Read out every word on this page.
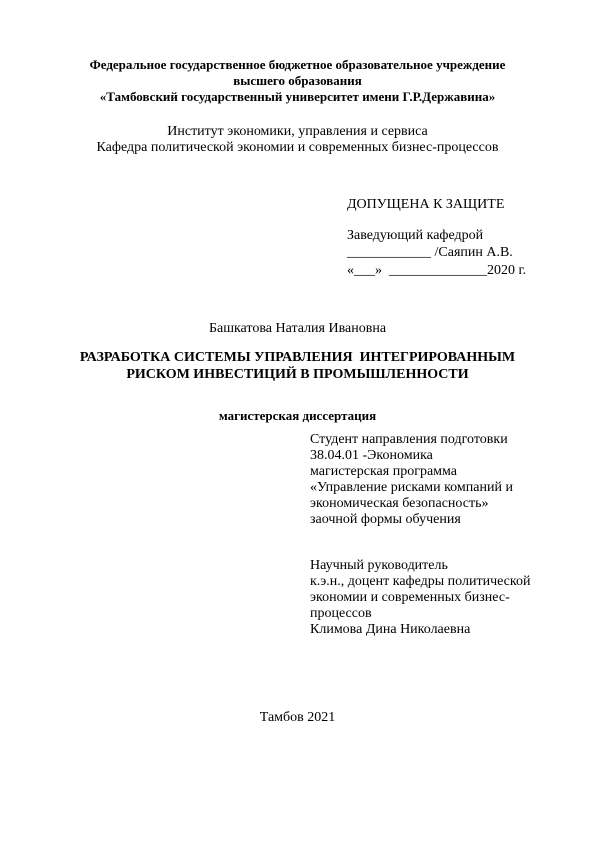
Федеральное государственное бюджетное образовательное учреждение

высшего образования

«Тамбовский государственный университет имени Г.Р.Державина»

Институт экономики, управления и сервиса

Кафедра политической экономии и современных бизнес-процессов

ДОПУЩЕНА К ЗАЩИТЕ

Заведующий кафедрой

____________ /Саяпин А.В.

«___»  ______________2020 г.

Башкатова Наталия Ивановна

РАЗРАБОТКА СИСТЕМЫ УПРАВЛЕНИЯ  ИНТЕГРИРОВАННЫМ

РИСКОМ ИНВЕСТИЦИЙ В ПРОМЫШЛЕННОСТИ

магистерская диссертация

Студент направления подготовки

38.04.01 -Экономика

магистерская программа

«Управление рисками компаний и

экономическая безопасность»

заочной формы обучения

Научный руководитель

к.э.н., доцент кафедры политической

экономии и современных бизнес-

процессов

Климова Дина Николаевна

Тамбов 2021
